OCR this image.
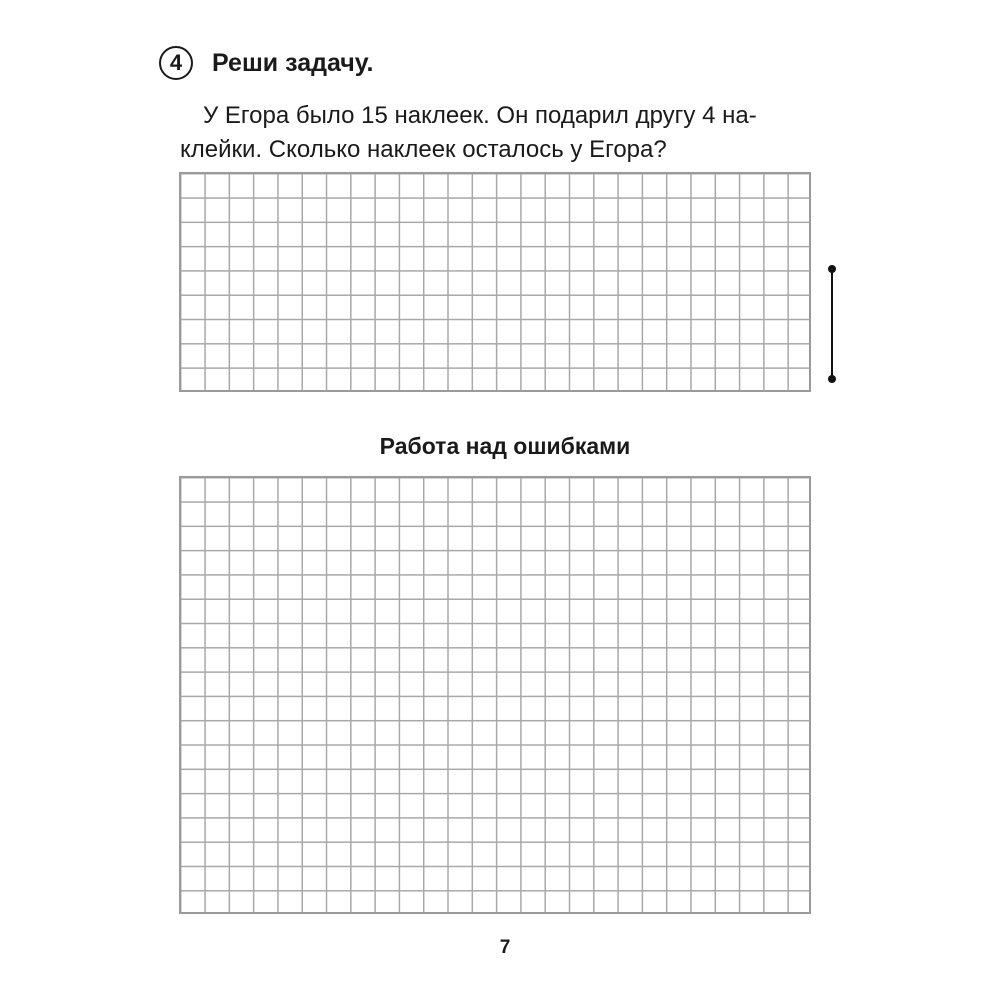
4 Реши задачу.
У Егора было 15 наклеек. Он подарил другу 4 на-
клейки. Сколько наклеек осталось у Егора?
Работа над ошибками
7
